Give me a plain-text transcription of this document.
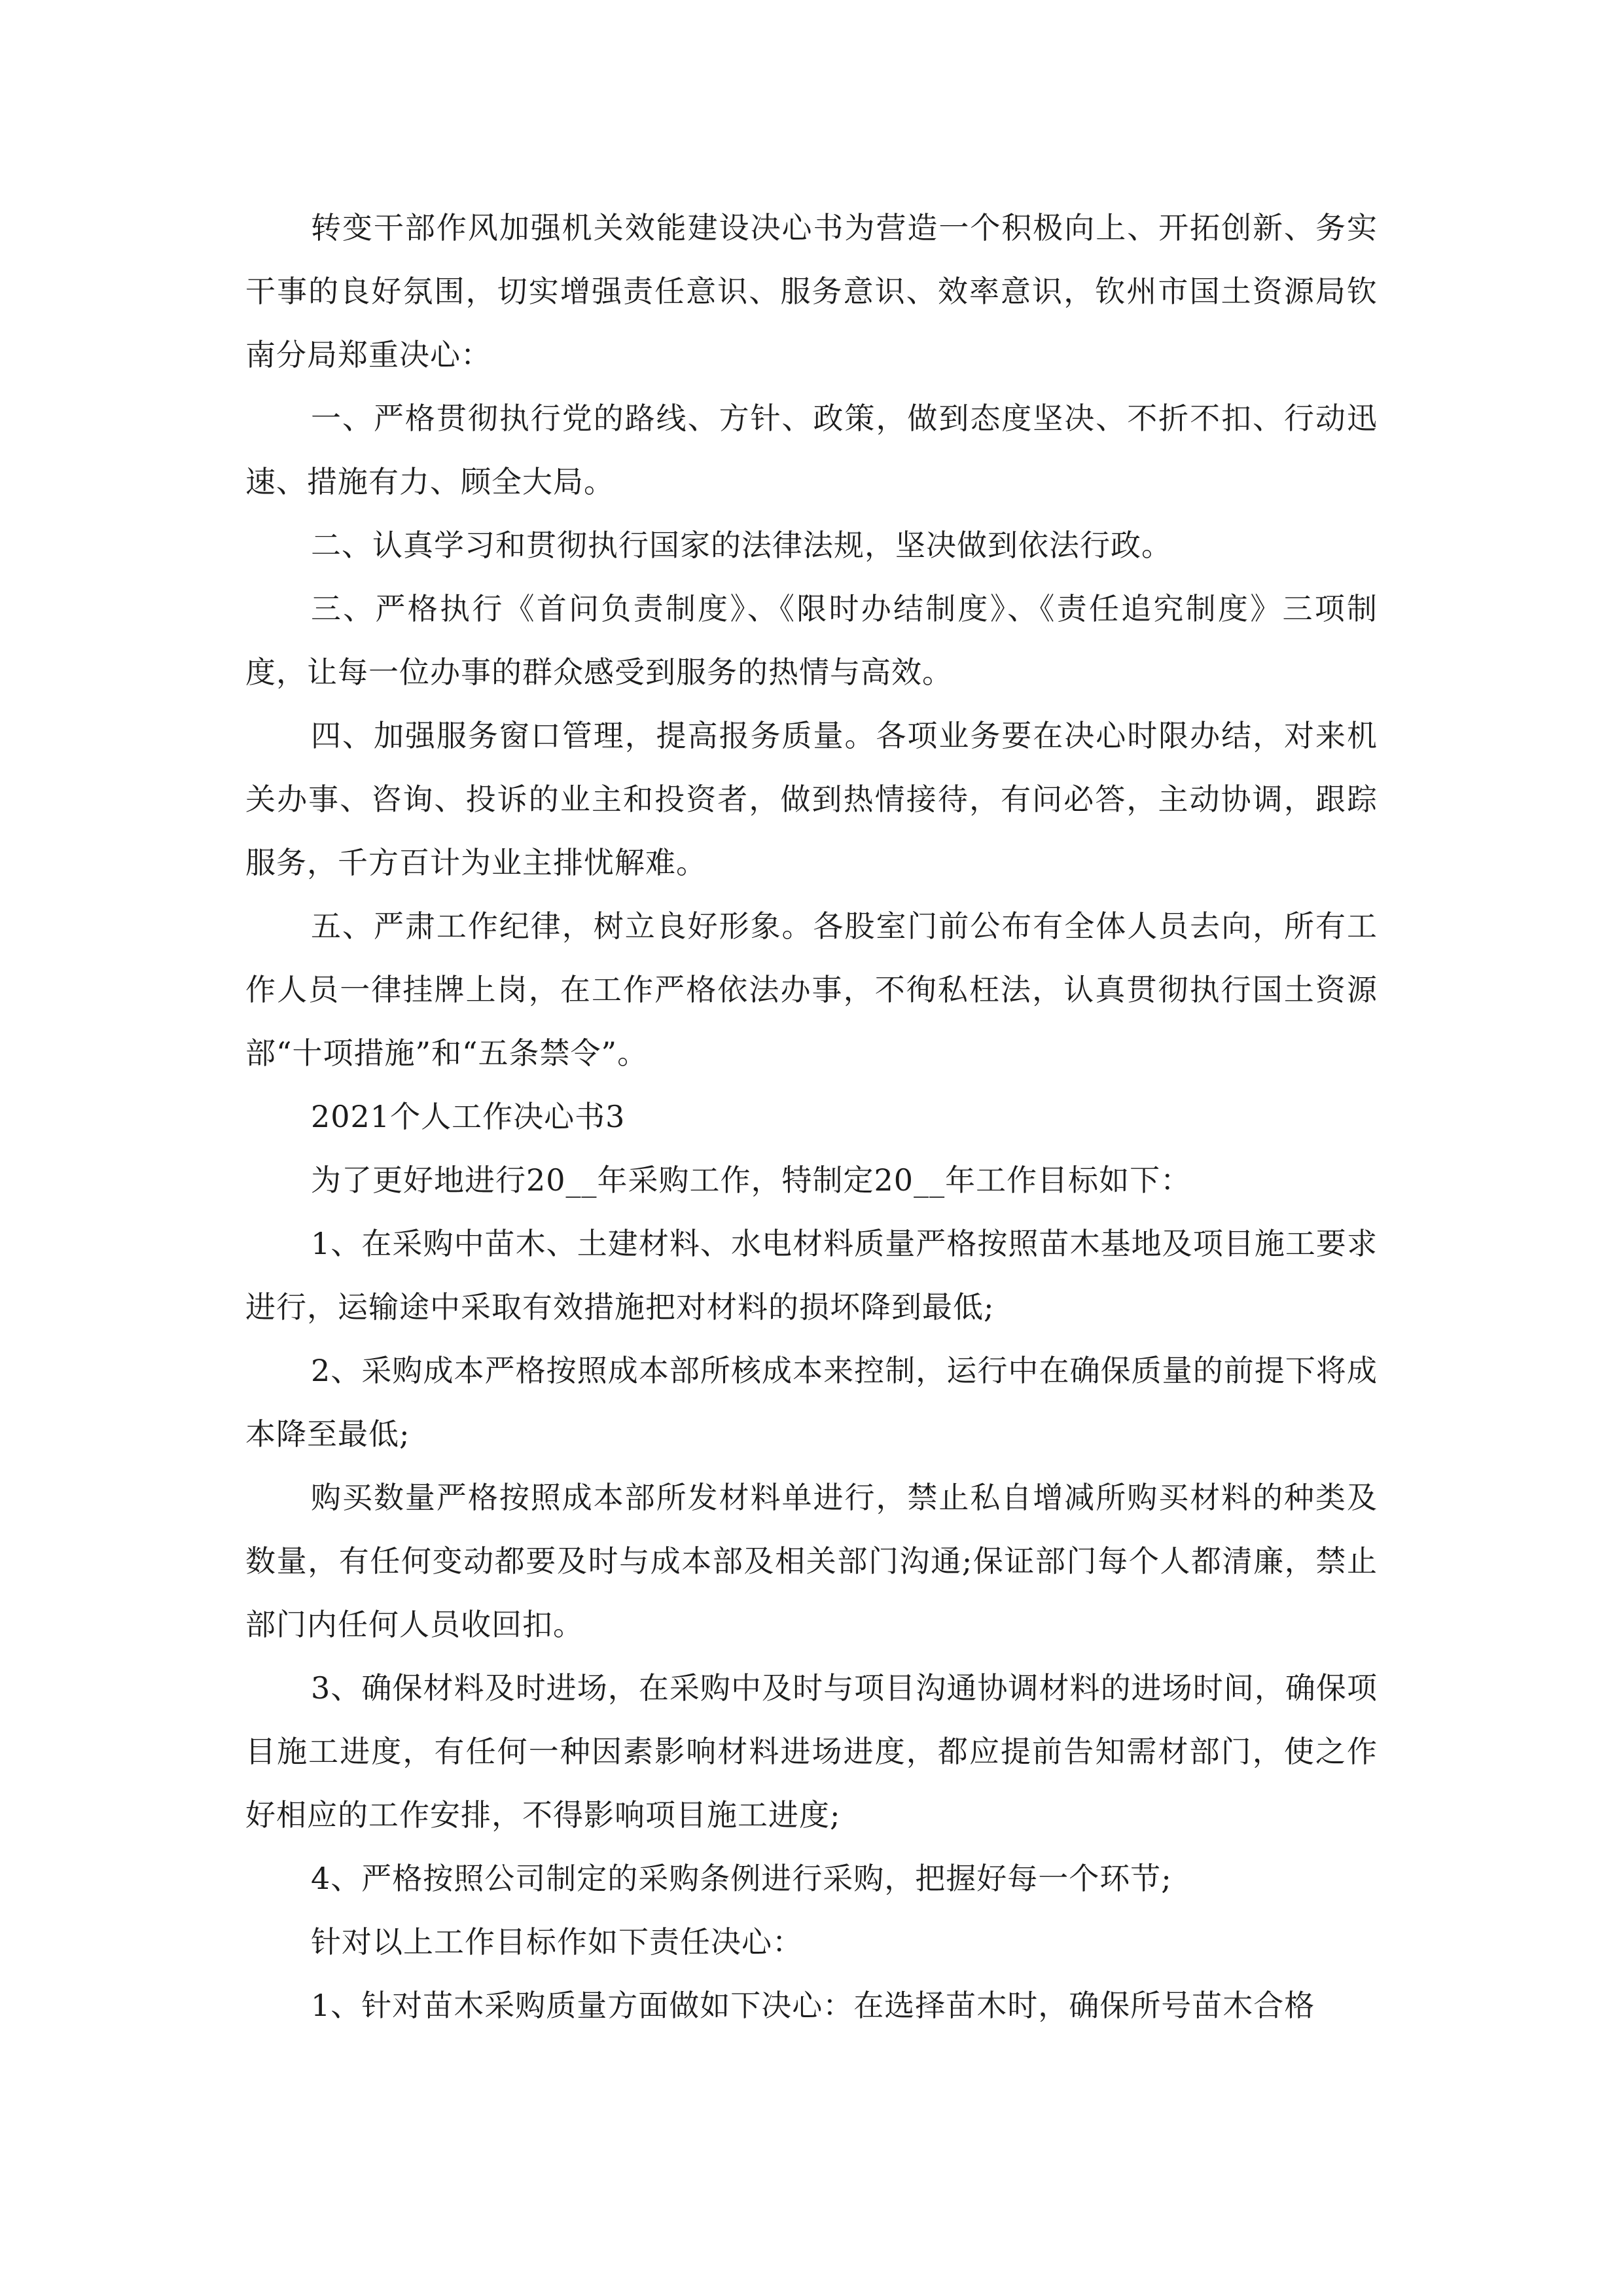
转变干部作风加强机关效能建设决心书为营造一个积极向上、开拓创新、务实干事的良好氛围，切实增强责任意识、服务意识、效率意识，钦州市国土资源局钦南分局郑重决心：

一、严格贯彻执行党的路线、方针、政策，做到态度坚决、不折不扣、行动迅速、措施有力、顾全大局。

二、认真学习和贯彻执行国家的法律法规，坚决做到依法行政。

三、严格执行《首问负责制度》、《限时办结制度》、《责任追究制度》三项制度，让每一位办事的群众感受到服务的热情与高效。

四、加强服务窗口管理，提高报务质量。各项业务要在决心时限办结，对来机关办事、咨询、投诉的业主和投资者，做到热情接待，有问必答，主动协调，跟踪服务，千方百计为业主排忧解难。

五、严肃工作纪律，树立良好形象。各股室门前公布有全体人员去向，所有工作人员一律挂牌上岗，在工作严格依法办事，不徇私枉法，认真贯彻执行国土资源部“十项措施”和“五条禁令”。

2021个人工作决心书3

为了更好地进行20__年采购工作，特制定20__年工作目标如下：

1、在采购中苗木、土建材料、水电材料质量严格按照苗木基地及项目施工要求进行，运输途中采取有效措施把对材料的损坏降到最低;

2、采购成本严格按照成本部所核成本来控制，运行中在确保质量的前提下将成本降至最低;

购买数量严格按照成本部所发材料单进行，禁止私自增减所购买材料的种类及数量，有任何变动都要及时与成本部及相关部门沟通;保证部门每个人都清廉，禁止部门内任何人员收回扣。

3、确保材料及时进场，在采购中及时与项目沟通协调材料的进场时间，确保项目施工进度，有任何一种因素影响材料进场进度，都应提前告知需材部门，使之作好相应的工作安排，不得影响项目施工进度;

4、严格按照公司制定的采购条例进行采购，把握好每一个环节;

针对以上工作目标作如下责任决心：

1、针对苗木采购质量方面做如下决心：在选择苗木时，确保所号苗木合格
